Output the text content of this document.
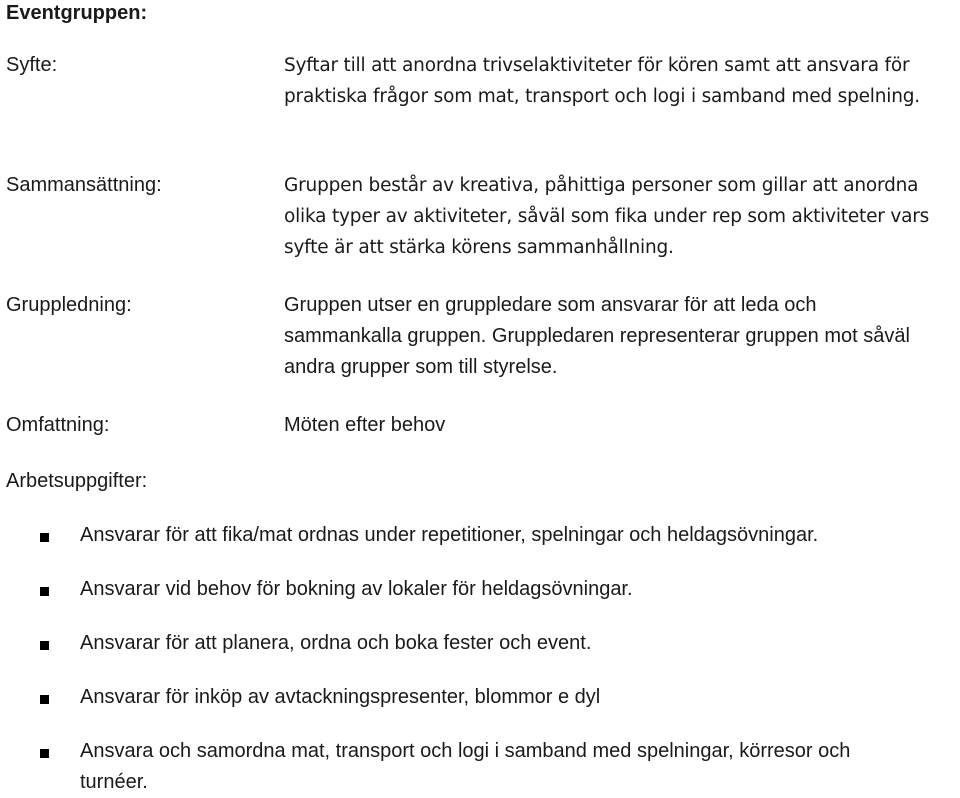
Eventgruppen:
Syfte:	Syftar till att anordna trivselaktiviteter för kören samt att ansvara för
praktiska frågor som mat, transport och logi i samband med spelning.
Sammansättning:	Gruppen består av kreativa, påhittiga personer som gillar att anordna
olika typer av aktiviteter, såväl som fika under rep som aktiviteter vars
syfte är att stärka körens sammanhållning.
Gruppledning:	Gruppen utser en gruppledare som ansvarar för att leda och
sammankalla gruppen. Gruppledaren representerar gruppen mot såväl
andra grupper som till styrelse.
Omfattning:	Möten efter behov
Arbetsuppgifter:
Ansvarar för att fika/mat ordnas under repetitioner, spelningar och heldagsövningar.
Ansvarar vid behov för bokning av lokaler för heldagsövningar.
Ansvarar för att planera, ordna och boka fester och event.
Ansvarar för inköp av avtackningspresenter, blommor e dyl
Ansvara och samordna mat, transport och logi i samband med spelningar, körresor och
turnéer.
